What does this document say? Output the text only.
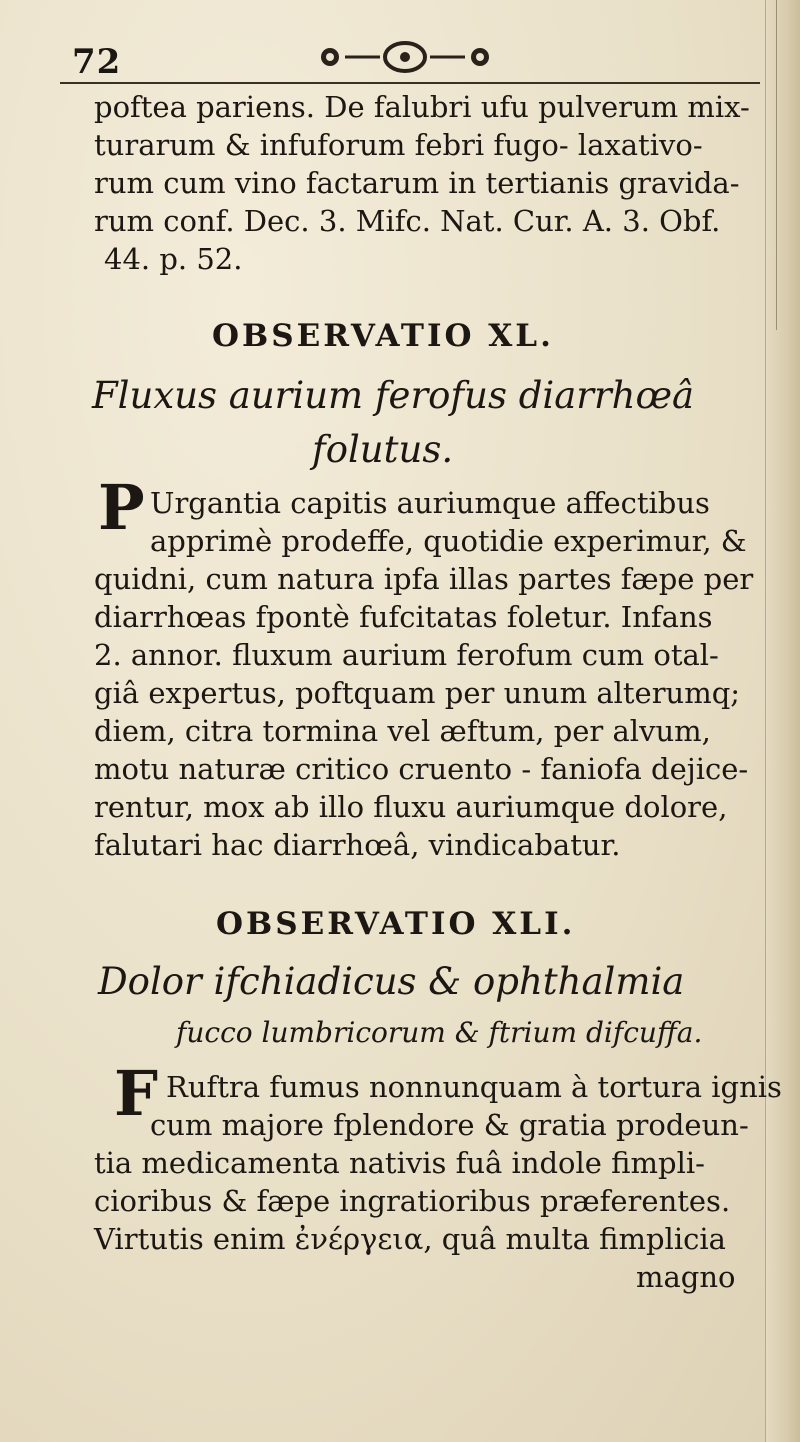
72
poftea pariens. De falubri ufu pulverum mix-
turarum & infuforum febri fugo- laxativo-
rum cum vino factarum in tertianis gravida-
rum conf. Dec. 3. Mifc. Nat. Cur. A. 3. Obf.
44. p. 52.
OBSERVATIO XL.
Fluxus aurium ferofus diarrhœâ
folutus.
P Urgantia capitis auriumque affectibus
apprimè prodeffe, quotidie experimur, &
quidni, cum natura ipfa illas partes fæpe per
diarrhœas fpontè fufcitatas foletur. Infans
2. annor. fluxum aurium ferofum cum otal-
giâ expertus, poftquam per unum alterumq;
diem, citra tormina vel æftum, per alvum,
motu naturæ critico cruento - faniofa dejice-
rentur, mox ab illo fluxu auriumque dolore,
falutari hac diarrhœâ, vindicabatur.
OBSERVATIO XLI.
Dolor ifchiadicus & ophthalmia
fucco lumbricorum & ftrium difcuffa.
F Ruftra fumus nonnunquam à tortura ignis
cum majore fplendore & gratia prodeun-
tia medicamenta nativis fuâ indole fimpli-
cioribus & fæpe ingratioribus præferentes.
Virtutis enim ἐνέργεια, quâ multa fimplicia
magno
